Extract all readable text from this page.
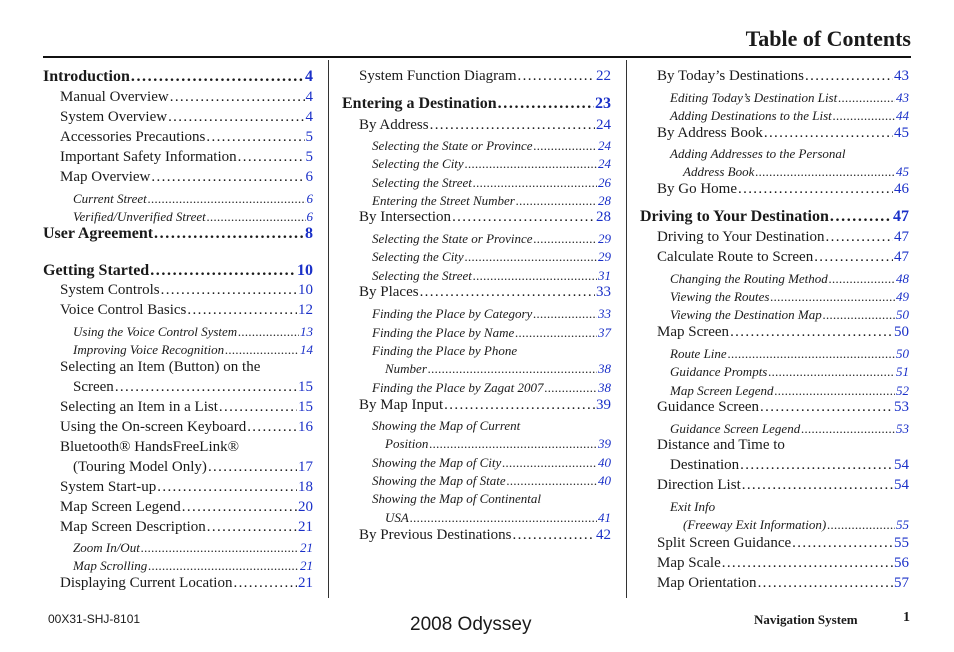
Table of Contents
Introduction . . .	4
Manual Overview . . .	4
System Overview . . .	4
Accessories Precautions . . .	5
Important Safety Information . . .	5
Map Overview . . .	6
Current Street . . .	6
Verified/Unverified Street . . .	6
User Agreement . . .	8
Getting Started . . .	10
System Controls . . .	10
Voice Control Basics . . .	12
Using the Voice Control System . . .	13
Improving Voice Recognition . . .	14
Selecting an Item (Button) on the
Screen . . .	15
Selecting an Item in a List . . .	15
Using the On-screen Keyboard . . .	16
Bluetooth® HandsFreeLink®
(Touring Model Only) . . .	17
System Start-up . . .	18
Map Screen Legend . . .	20
Map Screen Description . . .	21
Zoom In/Out . . .	21
Map Scrolling . . .	21
Displaying Current Location . . .	21
System Function Diagram . . .	22
Entering a Destination . . .	23
By Address . . .	24
Selecting the State or Province . . .	24
Selecting the City . . .	24
Selecting the Street . . .	26
Entering the Street Number . . .	28
By Intersection . . .	28
Selecting the State or Province . . .	29
Selecting the City . . .	29
Selecting the Street . . .	31
By Places . . .	33
Finding the Place by Category . . .	33
Finding the Place by Name . . .	37
Finding the Place by Phone
Number . . .	38
Finding the Place by Zagat 2007 . . .	38
By Map Input . . .	39
Showing the Map of Current
Position . . .	39
Showing the Map of City . . .	40
Showing the Map of State . . .	40
Showing the Map of Continental
USA . . .	41
By Previous Destinations . . .	42
By Today’s Destinations . . .	43
Editing Today’s Destination List . . .	43
Adding Destinations to the List . . .	44
By Address Book . . .	45
Adding Addresses to the Personal
Address Book . . .	45
By Go Home . . .	46
Driving to Your Destination . . .	47
Driving to Your Destination . . .	47
Calculate Route to Screen . . .	47
Changing the Routing Method . . .	48
Viewing the Routes . . .	49
Viewing the Destination Map . . .	50
Map Screen . . .	50
Route Line . . .	50
Guidance Prompts . . .	51
Map Screen Legend . . .	52
Guidance Screen . . .	53
Guidance Screen Legend . . .	53
Distance and Time to
Destination . . .	54
Direction List . . .	54
Exit Info
(Freeway Exit Information) . . .	55
Split Screen Guidance . . .	55
Map Scale . . .	56
Map Orientation . . .	57
00X31-SHJ-8101	2008 Odyssey	Navigation System	1
